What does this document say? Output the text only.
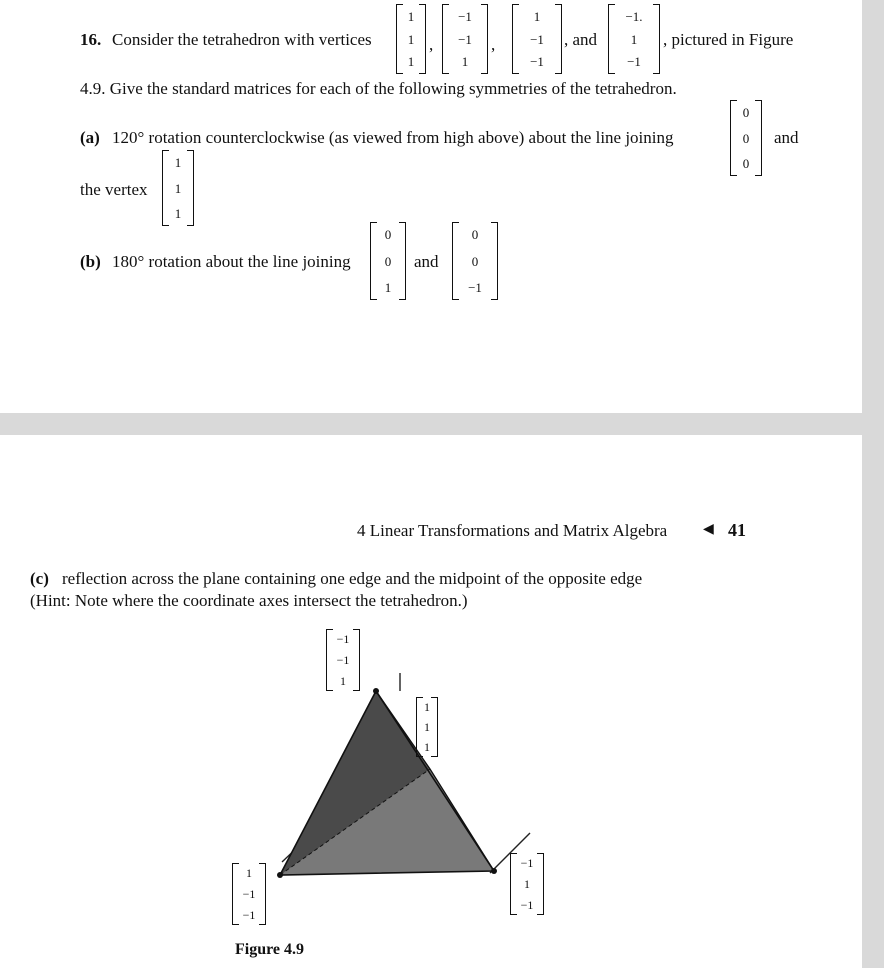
16. Consider the tetrahedron with vertices
1
1
1
,
−1
−1
1
,
1
−1
−1
, and
−1.
1
−1
, pictured in Figure
4.9. Give the standard matrices for each of the following symmetries of the tetrahedron.
(a) 120° rotation counterclockwise (as viewed from high above) about the line joining
0
0
0
and
the vertex
1
1
1
(b) 180° rotation about the line joining
0
0
1
and
0
0
−1
4 Linear Transformations and Matrix Algebra	◀ 41
(c) reflection across the plane containing one edge and the midpoint of the opposite edge
(Hint: Note where the coordinate axes intersect the tetrahedron.)
−1
−1
1
1
1
1
1
−1
−1
−1
1
−1
Figure 4.9
